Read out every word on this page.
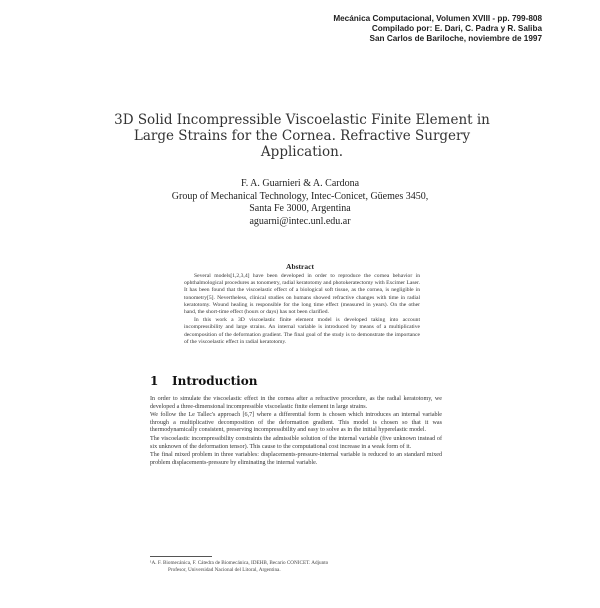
Mecánica Computacional, Volumen XVIII - pp. 799-808
Compilado por: E. Dari, C. Padra y R. Saliba
San Carlos de Bariloche, noviembre de 1997
3D Solid Incompressible Viscoelastic Finite Element in
Large Strains for the Cornea. Refractive Surgery
Application.
F. A. Guarnieri & A. Cardona
Group of Mechanical Technology, Intec-Conicet, Güemes 3450,
Santa Fe 3000, Argentina
aguarni@intec.unl.edu.ar
Abstract

Several models[1,2,3,4] have been developed in order to reproduce the cornea behavior in ophthalmological procedures as tonometry, radial keratotomy and photokeratectomy with Excimer Laser. It has been found that the viscoelastic effect of a biological soft tissue, as the cornea, is negligible in tonometry[5]. Nevertheless, clinical studies on humans showed refractive changes with time in radial keratotomy. Wound healing is responsible for the long time effect (measured in years). On the other hand, the short-time effect (hours or days) has not been clarified.

In this work a 3D viscoelastic finite element model is developed taking into account incompressibility and large strains. An internal variable is introduced by means of a multiplicative decomposition of the deformation gradient. The final goal of the study is to demonstrate the importance of the viscoelastic effect in radial keratotomy.

1 Introduction

In order to simulate the viscoelastic effect in the cornea after a refractive procedure, as the radial keratotomy, we developed a three-dimensional incompressible viscoelastic finite element in large strains.

We follow the Le Tallec's approach [6,7] where a differential form is chosen which introduces an internal variable through a multiplicative decomposition of the deformation gradient. This model is chosen so that it was thermodynamically consistent, preserving incompressibility and easy to solve as in the initial hyperelastic model.

The viscoelastic incompressibility constraints the admissible solution of the internal variable (five unknown instead of six unknown of the deformation tensor). This cause to the computational cost increase in a weak form of it.

The final mixed problem in three variables: displacements-pressure-internal variable is reduced to an standard mixed problem displacements-pressure by eliminating the internal variable.

¹A. F. Biomecánica, F. Cátedra de Biomecánica, IDEHB, Becario CONICET. Adjunto

Profesor, Universidad Nacional del Litoral, Argentina.
